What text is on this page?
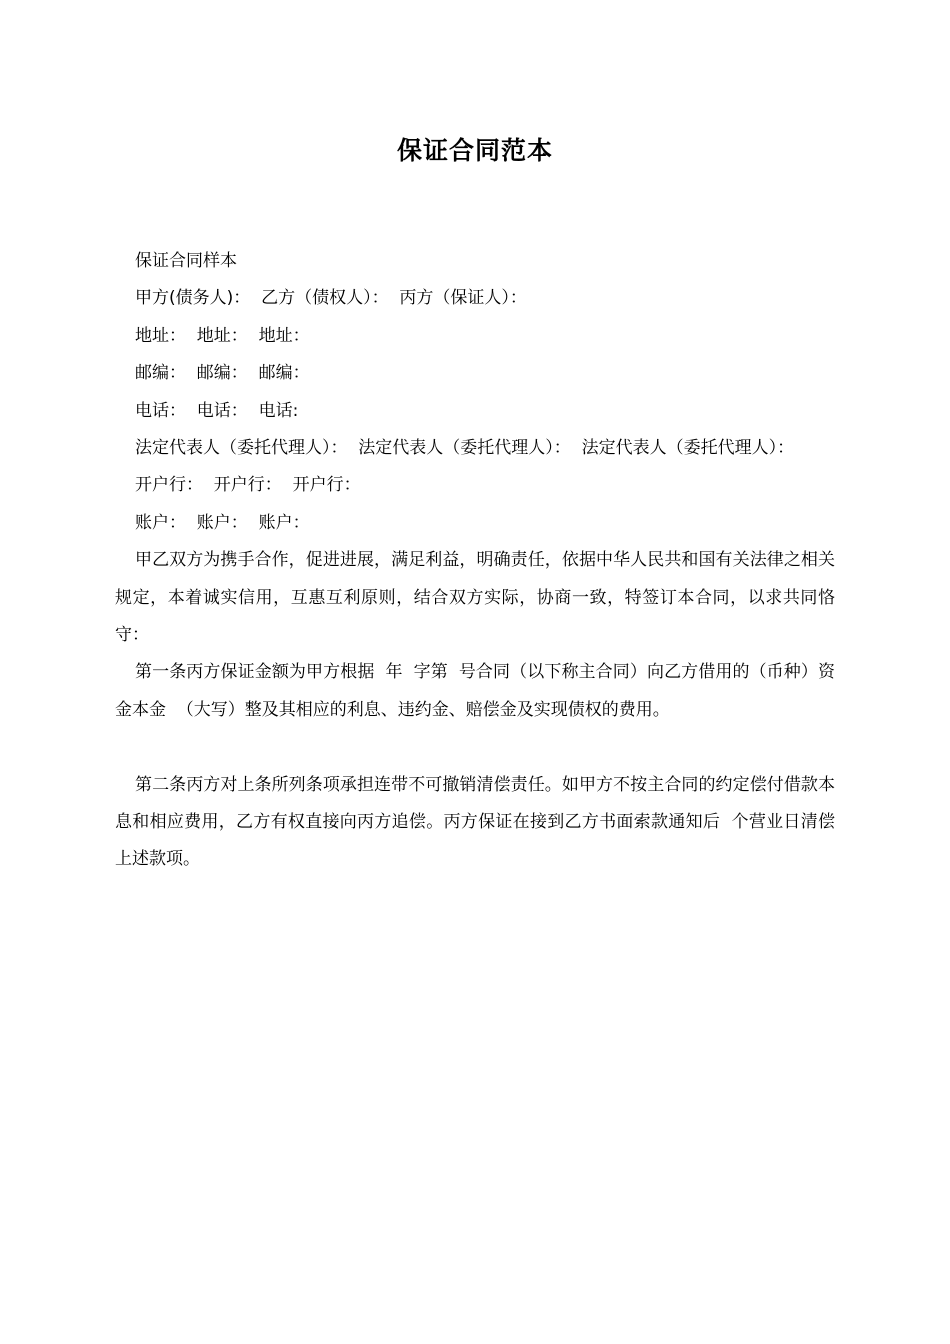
保证合同范本

保证合同样本

甲方(债务人)：  乙方（债权人）：  丙方（保证人）：

地址：  地址：  地址：

邮编：  邮编：  邮编：

电话：  电话：  电话:

法定代表人（委托代理人）：  法定代表人（委托代理人）：  法定代表人（委托代理人）：

开户行：  开户行：  开户行：

账户：  账户：  账户：

甲乙双方为携手合作，促进进展，满足利益，明确责任，依据中华人民共和国有关法律之相关规定，本着诚实信用，互惠互利原则，结合双方实际，协商一致，特签订本合同，以求共同恪守：

第一条丙方保证金额为甲方根据  年  字第  号合同（以下称主合同）向乙方借用的（币种）资金本金  （大写）整及其相应的利息、违约金、赔偿金及实现债权的费用。

第二条丙方对上条所列条项承担连带不可撤销清偿责任。如甲方不按主合同的约定偿付借款本息和相应费用，乙方有权直接向丙方追偿。丙方保证在接到乙方书面索款通知后  个营业日清偿上述款项。
